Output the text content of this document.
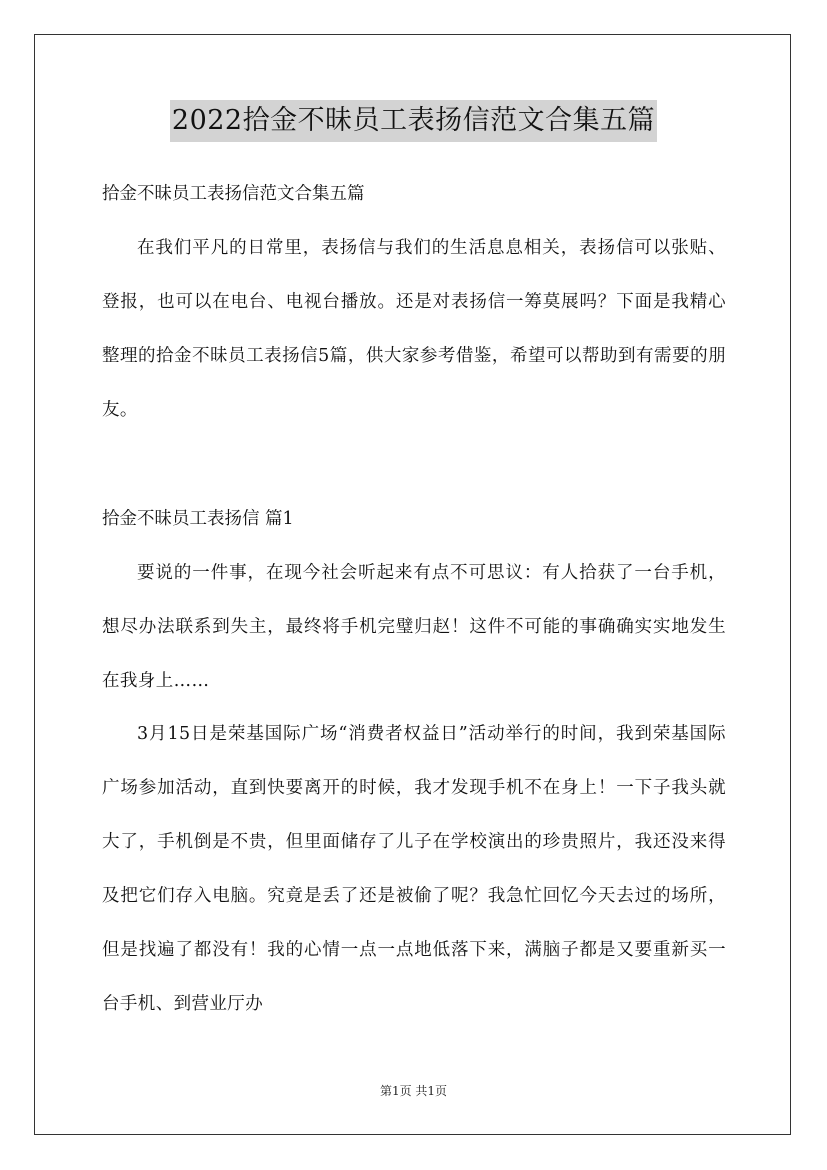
2022拾金不昧员工表扬信范文合集五篇
拾金不昧员工表扬信范文合集五篇
在我们平凡的日常里，表扬信与我们的生活息息相关，表扬信可以张贴、登报，也可以在电台、电视台播放。还是对表扬信一筹莫展吗？下面是我精心整理的拾金不昧员工表扬信5篇，供大家参考借鉴，希望可以帮助到有需要的朋友。
拾金不昧员工表扬信 篇1
要说的一件事，在现今社会听起来有点不可思议：有人拾获了一台手机，想尽办法联系到失主，最终将手机完璧归赵！这件不可能的事确确实实地发生在我身上……
3月15日是荣基国际广场“消费者权益日”活动举行的时间，我到荣基国际广场参加活动，直到快要离开的时候，我才发现手机不在身上！一下子我头就大了，手机倒是不贵，但里面储存了儿子在学校演出的珍贵照片，我还没来得及把它们存入电脑。究竟是丢了还是被偷了呢？我急忙回忆今天去过的场所，但是找遍了都没有！我的心情一点一点地低落下来，满脑子都是又要重新买一台手机、到营业厅办
第1页 共1页
